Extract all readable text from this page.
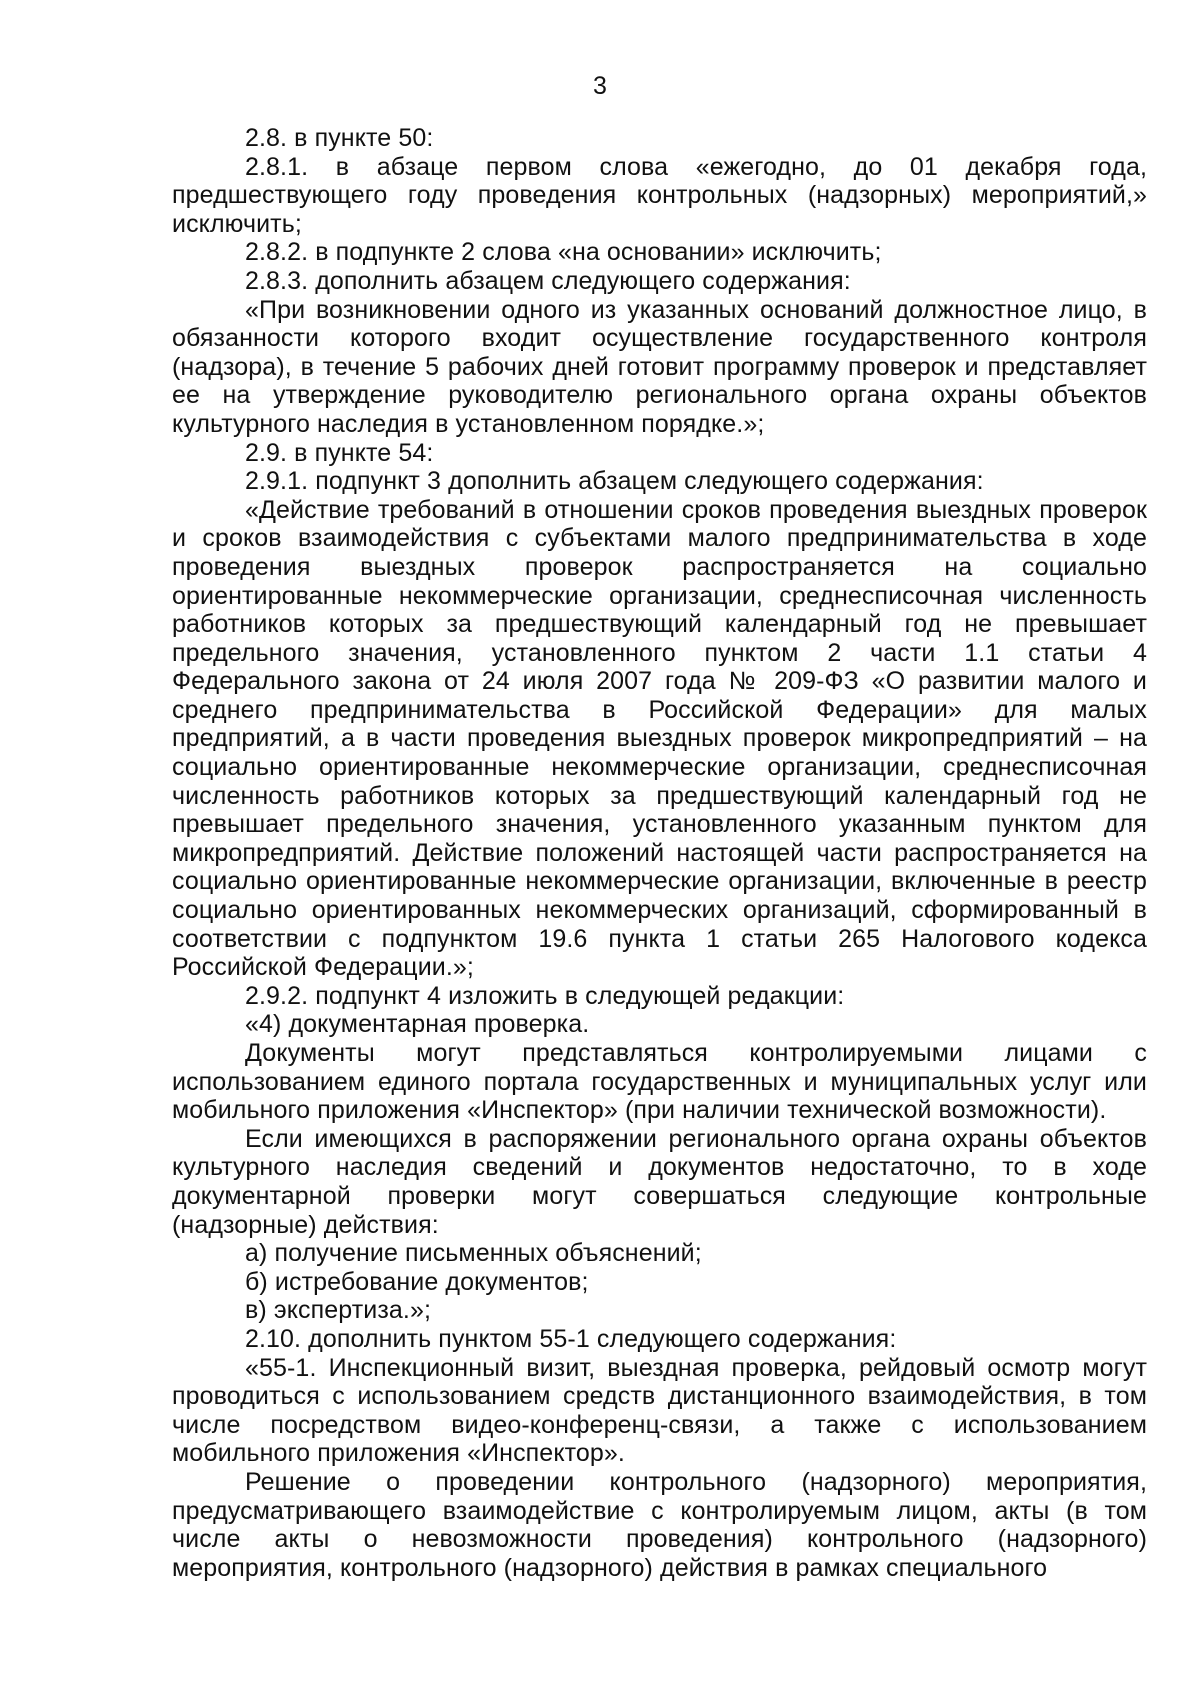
3

2.8. в пункте 50:

2.8.1. в абзаце первом слова «ежегодно, до 01 декабря года, предшествующего году проведения контрольных (надзорных) мероприятий,» исключить;

2.8.2. в подпункте 2 слова «на основании» исключить;

2.8.3. дополнить абзацем следующего содержания:

«При возникновении одного из указанных оснований должностное лицо, в обязанности которого входит осуществление государственного контроля (надзора), в течение 5 рабочих дней готовит программу проверок и представляет ее на утверждение руководителю регионального органа охраны объектов культурного наследия в установленном порядке.»;

2.9. в пункте 54:

2.9.1. подпункт 3 дополнить абзацем следующего содержания:

«Действие требований в отношении сроков проведения выездных проверок и сроков взаимодействия с субъектами малого предпринимательства в ходе проведения выездных проверок распространяется на социально ориентированные некоммерческие организации, среднесписочная численность работников которых за предшествующий календарный год не превышает предельного значения, установленного пунктом 2 части 1.1 статьи 4 Федерального закона от 24 июля 2007 года № 209-ФЗ «О развитии малого и среднего предпринимательства в Российской Федерации» для малых предприятий, а в части проведения выездных проверок микропредприятий – на социально ориентированные некоммерческие организации, среднесписочная численность работников которых за предшествующий календарный год не превышает предельного значения, установленного указанным пунктом для микропредприятий. Действие положений настоящей части распространяется на социально ориентированные некоммерческие организации, включенные в реестр социально ориентированных некоммерческих организаций, сформированный в соответствии с подпунктом 19.6 пункта 1 статьи 265 Налогового кодекса Российской Федерации.»;

2.9.2. подпункт 4 изложить в следующей редакции:

«4) документарная проверка.

Документы могут представляться контролируемыми лицами с использованием единого портала государственных и муниципальных услуг или мобильного приложения «Инспектор» (при наличии технической возможности).

Если имеющихся в распоряжении регионального органа охраны объектов культурного наследия сведений и документов недостаточно, то в ходе документарной проверки могут совершаться следующие контрольные (надзорные) действия:

а) получение письменных объяснений;

б) истребование документов;

в) экспертиза.»;

2.10. дополнить пунктом 55-1 следующего содержания:

«55-1. Инспекционный визит, выездная проверка, рейдовый осмотр могут проводиться с использованием средств дистанционного взаимодействия, в том числе посредством видео-конференц-связи, а также с использованием мобильного приложения «Инспектор».

Решение о проведении контрольного (надзорного) мероприятия, предусматривающего взаимодействие с контролируемым лицом, акты (в том числе акты о невозможности проведения) контрольного (надзорного) мероприятия, контрольного (надзорного) действия в рамках специального
